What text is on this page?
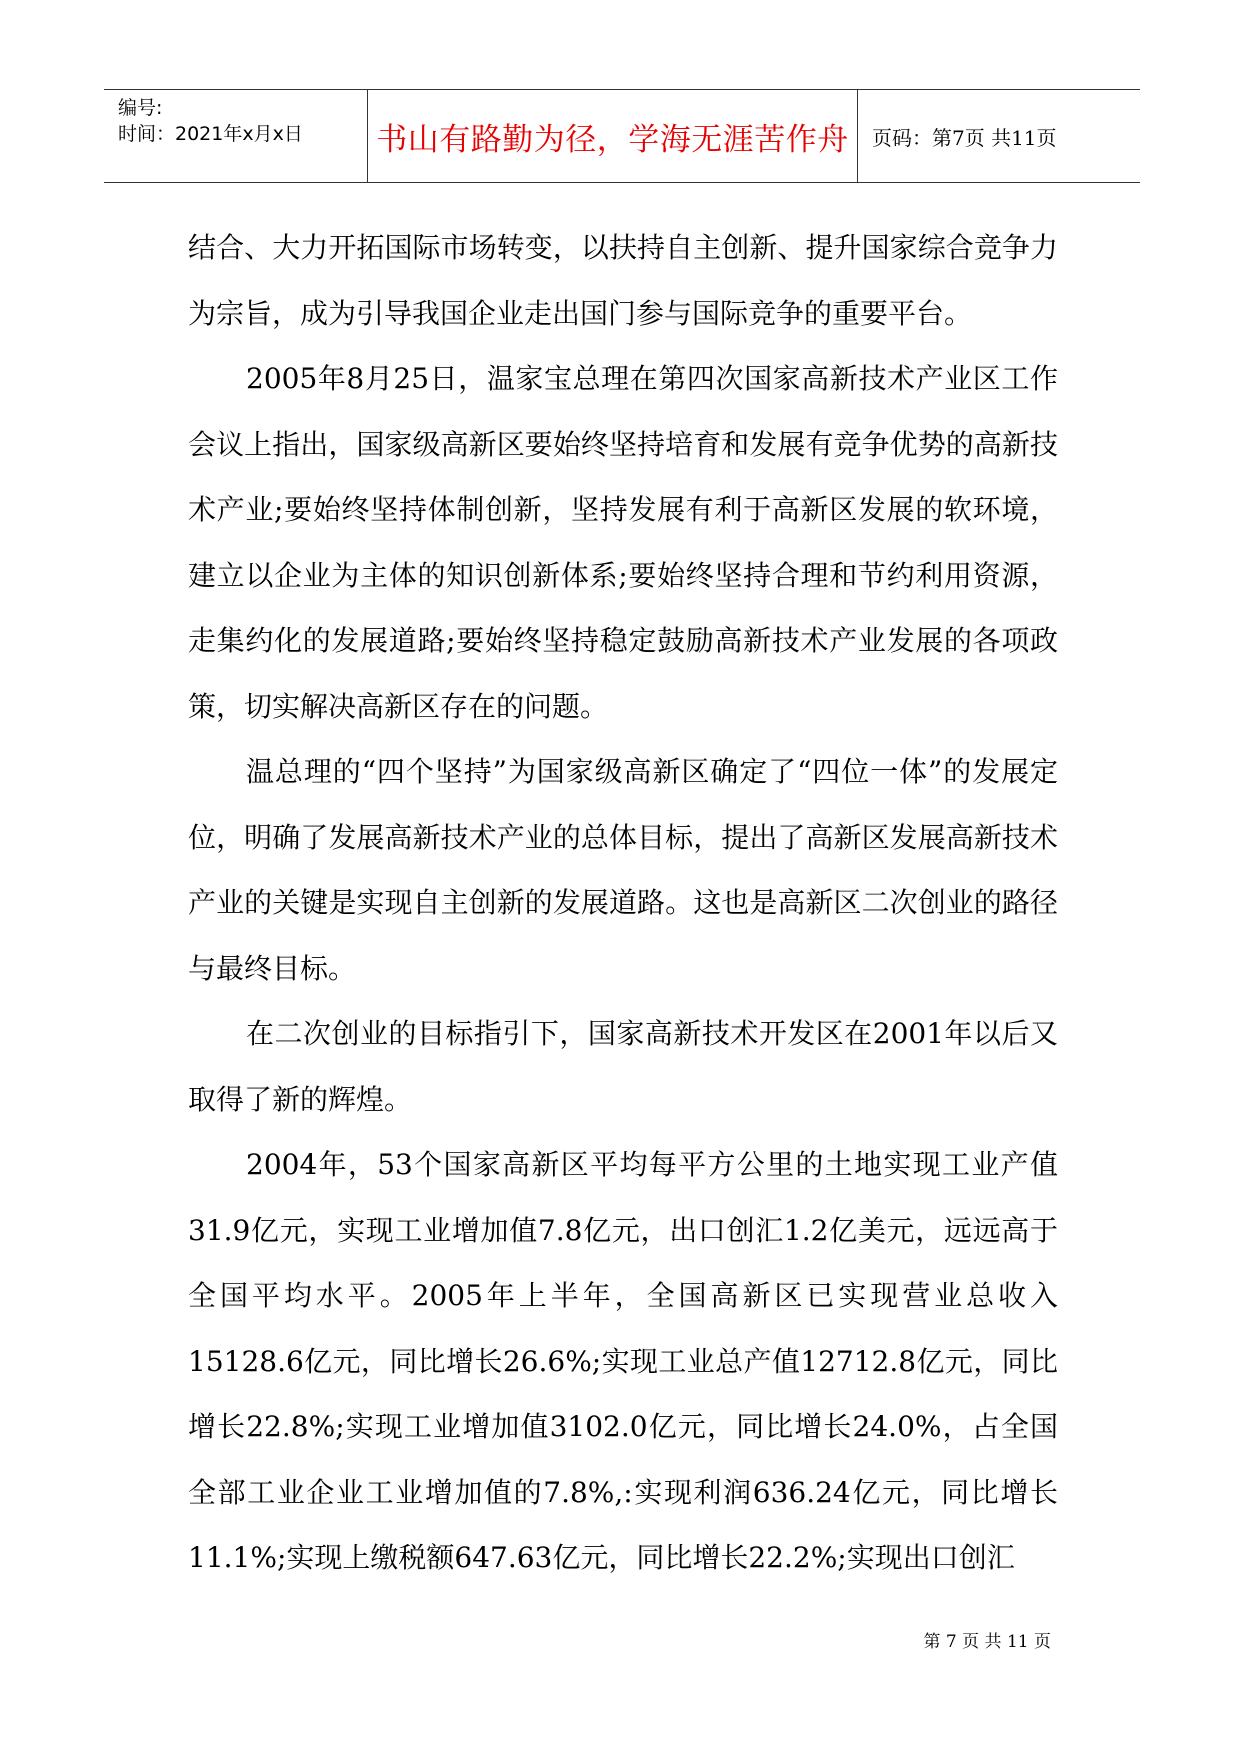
编号:
时间：2021年x月x日 书山有路勤为径，学海无涯苦作舟 页码：第7页 共11页

结合、大力开拓国际市场转变，以扶持自主创新、提升国家综合竞争力为宗旨，成为引导我国企业走出国门参与国际竞争的重要平台。

2005年8月25日，温家宝总理在第四次国家高新技术产业区工作会议上指出，国家级高新区要始终坚持培育和发展有竞争优势的高新技术产业;要始终坚持体制创新，坚持发展有利于高新区发展的软环境，建立以企业为主体的知识创新体系;要始终坚持合理和节约利用资源，走集约化的发展道路;要始终坚持稳定鼓励高新技术产业发展的各项政策，切实解决高新区存在的问题。

温总理的“四个坚持”为国家级高新区确定了“四位一体”的发展定位，明确了发展高新技术产业的总体目标，提出了高新区发展高新技术产业的关键是实现自主创新的发展道路。这也是高新区二次创业的路径与最终目标。

在二次创业的目标指引下，国家高新技术开发区在2001年以后又取得了新的辉煌。

2004年，53个国家高新区平均每平方公里的土地实现工业产值31.9亿元，实现工业增加值7.8亿元，出口创汇1.2亿美元，远远高于全国平均水平。2005年上半年，全国高新区已实现营业总收入15128.6亿元，同比增长26.6%;实现工业总产值12712.8亿元，同比增长22.8%;实现工业增加值3102.0亿元，同比增长24.0%，占全国全部工业企业工业增加值的7.8%,:实现利润636.24亿元，同比增长11.1%;实现上缴税额647.63亿元，同比增长22.2%;实现出口创汇

第 7 页 共 11 页
